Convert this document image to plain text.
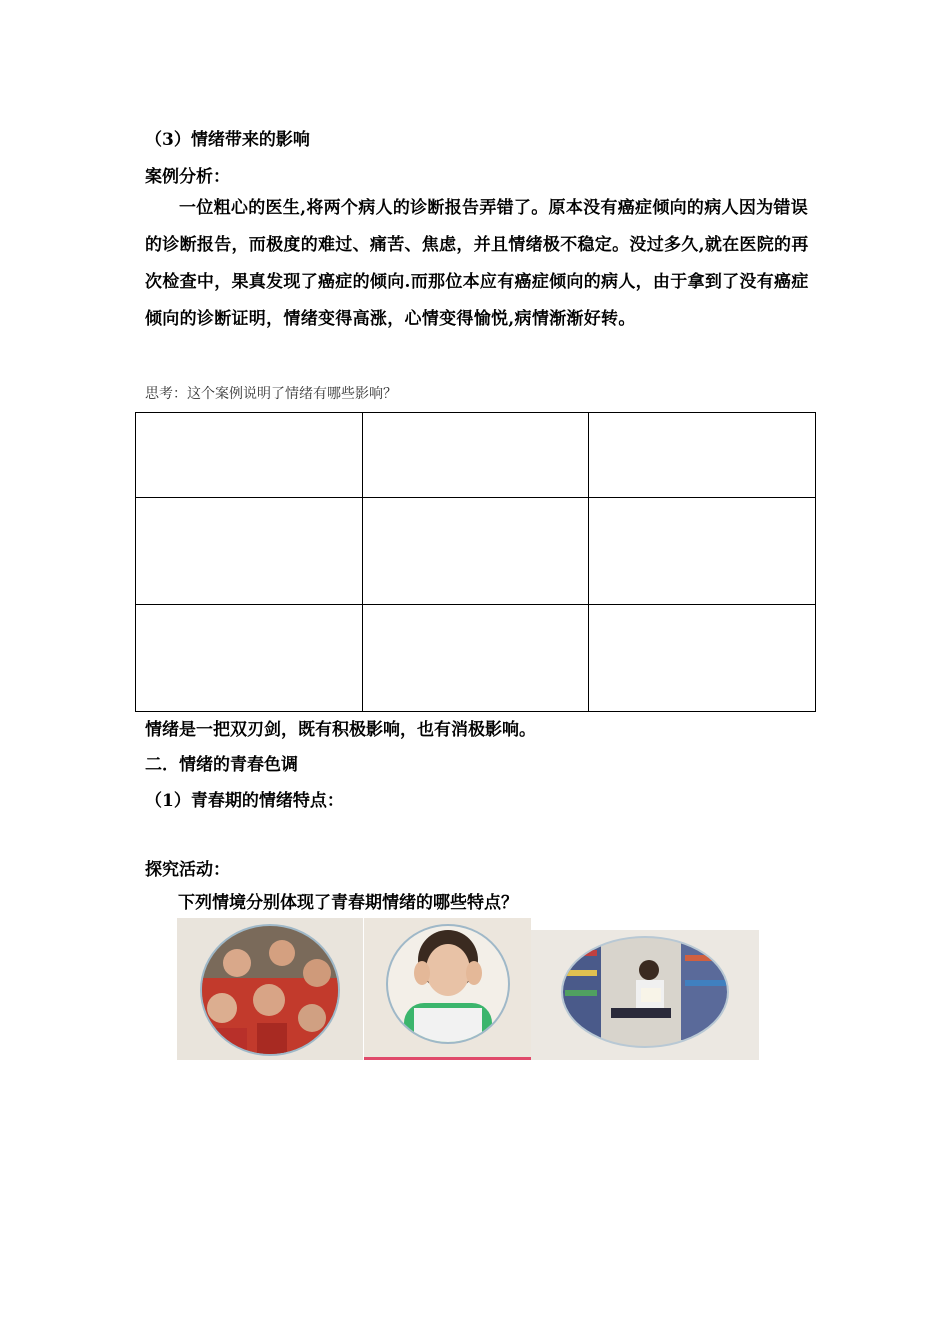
（3）情绪带来的影响
案例分析：
一位粗心的医生,将两个病人的诊断报告弄错了。原本没有癌症倾向的病人因为错误的诊断报告，而极度的难过、痛苦、焦虑，并且情绪极不稳定。没过多久,就在医院的再次检查中，果真发现了癌症的倾向.而那位本应有癌症倾向的病人，由于拿到了没有癌症倾向的诊断证明，情绪变得高涨，心情变得愉悦,病情渐渐好转。
思考：这个案例说明了情绪有哪些影响？

情绪是一把双刃剑，既有积极影响，也有消极影响。
二．情绪的青春色调
（1）青春期的情绪特点：
探究活动：
下列情境分别体现了青春期情绪的哪些特点？
